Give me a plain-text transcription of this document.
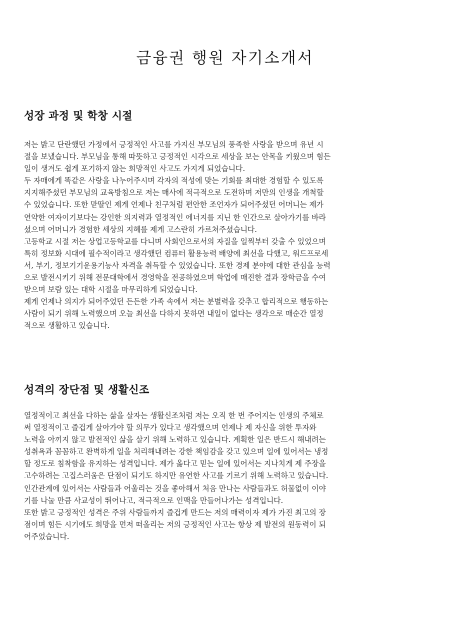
금융권 행원 자기소개서
성장 과정 및 학창 시절
저는 밝고 단란했던 가정에서 긍정적인 사고를 가지신 부모님의 풍족한 사랑을 받으며 유년 시
절을 보냈습니다. 부모님을 통해 따뜻하고 긍정적인 시각으로 세상을 보는 안목을 키웠으며 힘든
일이 생겨도 쉽게 포기하지 않는 희망적인 사고도 가지게 되었습니다.
두 자매에게 똑같은 사랑을 나누어주시며 각자의 적성에 맞는 기회를 최대한 경험할 수 있도록
지지해주셨던 부모님의 교육방침으로 저는 매사에 적극적으로 도전하며 저만의 인생을 개척할
수 있었습니다. 또한 맏딸인 제게 언제나 친구처럼 편안한 조언자가 되어주셨던 어머니는 제가
연약한 여자이기보다는 강인한 의지력과 열정적인 에너지를 지닌 한 인간으로 살아가기를 바라
셨으며 어머니가 경험한 세상의 지혜를 제게 고스란히 가르쳐주셨습니다.
고등학교 시절 저는 상업고등학교를 다니며 사회인으로서의 자질을 일찍부터 갖출 수 있었으며
특히 정보화 시대에 필수적이라고 생각했던 컴퓨터 활용능력 배양에 최선을 다했고, 워드프로세
서, 부기, 정보기기운용기능사 자격을 취득할 수 있었습니다. 또한 경제 분야에 대한 관심을 능력
으로 발전시키기 위해 전문대학에서 경영학을 전공하였으며 학업에 매진한 결과 장학금을 수여
받으며 보람 있는 대학 시절을 마무리하게 되었습니다.
제게 언제나 의지가 되어주었던 든든한 가족 속에서 저는 분별력을 갖추고 합리적으로 행동하는
사람이 되기 위해 노력했으며 오늘 최선을 다하지 못하면 내일이 없다는 생각으로 매순간 열정
적으로 생활하고 있습니다.
성격의 장단점 및 생활신조
열정적이고 최선을 다하는 삶을 살자는 생활신조처럼 저는 오직 한 번 주어지는 인생의 주체로
써 열정적이고 즐겁게 살아가야 할 의무가 있다고 생각했으며 언제나 제 자신을 위한 투자와
노력을 아끼지 않고 발전적인 삶을 살기 위해 노력하고 있습니다. 계획한 일은 반드시 해내려는
성취욕과 꼼꼼하고 완벽하게 일을 처리해내려는 강한 책임감을 갖고 있으며 일에 있어서는 냉정
할 정도로 침착함을 유지하는 성격입니다. 제가 옳다고 믿는 일에 있어서는 지나치게 제 주장을
고수하려는 고집스러움은 단점이 되기도 하지만 유연한 사고를 기르기 위해 노력하고 있습니다.
인간관계에 있어서는 사람들과 어울리는 것을 좋아해서 처음 만나는 사람들과도 허물없이 이야
기를 나눌 만큼 사교성이 뛰어나고, 적극적으로 인맥을 만들어나가는 성격입니다.
또한 밝고 긍정적인 성격은 주위 사람들까지 즐겁게 만드는 저의 매력이자 제가 가진 최고의 장
점이며 힘든 시기에도 희망을 먼저 떠올리는 저의 긍정적인 사고는 항상 제 발전의 원동력이 되
어주었습니다.
